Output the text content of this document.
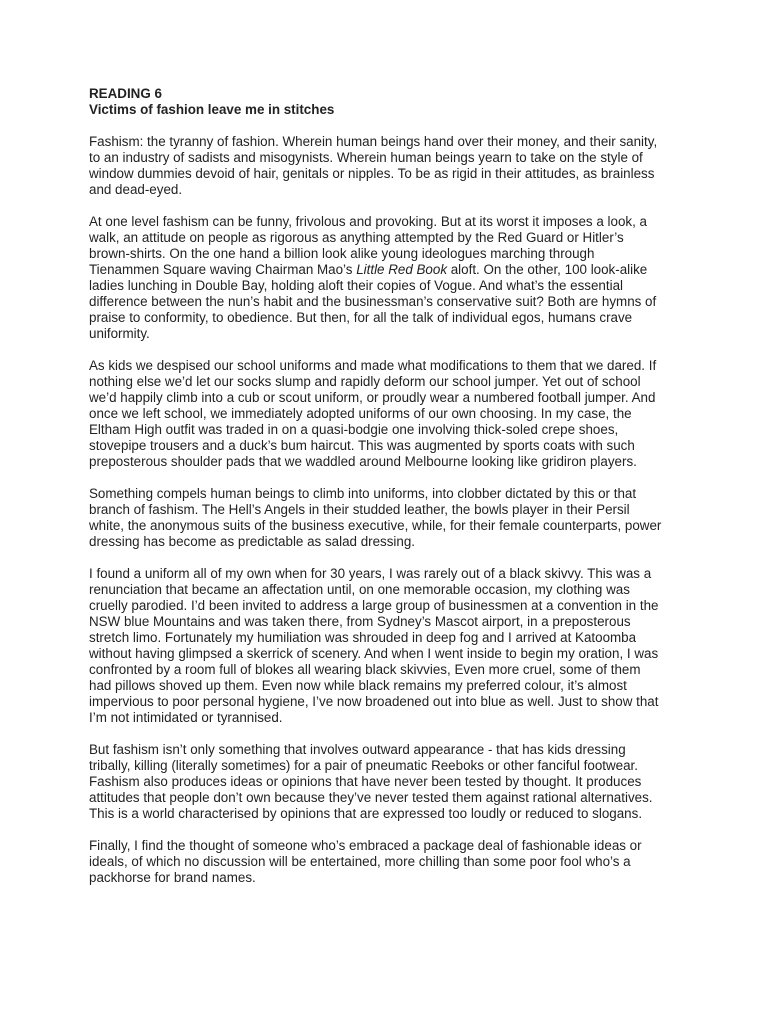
READING 6

Victims of fashion leave me in stitches

Fashism: the tyranny of fashion. Wherein human beings hand over their money, and their sanity, to an industry of sadists and misogynists. Wherein human beings yearn to take on the style of window dummies devoid of hair, genitals or nipples. To be as rigid in their attitudes, as brainless and dead-eyed.

At one level fashism can be funny, frivolous and provoking. But at its worst it imposes a look, a walk, an attitude on people as rigorous as anything attempted by the Red Guard or Hitler’s brown-shirts. On the one hand a billion look alike young ideologues marching through Tienammen Square waving Chairman Mao’s Little Red Book aloft. On the other, 100 look-alike ladies lunching in Double Bay, holding aloft their copies of Vogue. And what’s the essential difference between the nun’s habit and the businessman’s conservative suit? Both are hymns of praise to conformity, to obedience. But then, for all the talk of individual egos, humans crave uniformity.

As kids we despised our school uniforms and made what modifications to them that we dared. If nothing else we’d let our socks slump and rapidly deform our school jumper. Yet out of school we’d happily climb into a cub or scout uniform, or proudly wear a numbered football jumper. And once we left school, we immediately adopted uniforms of our own choosing. In my case, the Eltham High outfit was traded in on a quasi-bodgie one involving thick-soled crepe shoes, stovepipe trousers and a duck’s bum haircut. This was augmented by sports coats with such preposterous shoulder pads that we waddled around Melbourne looking like gridiron players.

Something compels human beings to climb into uniforms, into clobber dictated by this or that branch of fashism. The Hell’s Angels in their studded leather, the bowls player in their Persil white, the anonymous suits of the business executive, while, for their female counterparts, power dressing has become as predictable as salad dressing.

I found a uniform all of my own when for 30 years, I was rarely out of a black skivvy. This was a renunciation that became an affectation until, on one memorable occasion, my clothing was cruelly parodied. I’d been invited to address a large group of businessmen at a convention in the NSW blue Mountains and was taken there, from Sydney’s Mascot airport, in a preposterous stretch limo. Fortunately my humiliation was shrouded in deep fog and I arrived at Katoomba without having glimpsed a skerrick of scenery. And when I went inside to begin my oration, I was confronted by a room full of blokes all wearing black skivvies, Even more cruel, some of them had pillows shoved up them. Even now while black remains my preferred colour, it’s almost impervious to poor personal hygiene, I’ve now broadened out into blue as well. Just to show that I’m not intimidated or tyrannised.

But fashism isn’t only something that involves outward appearance - that has kids dressing tribally, killing (literally sometimes) for a pair of pneumatic Reeboks or other fanciful footwear. Fashism also produces ideas or opinions that have never been tested by thought. It produces attitudes that people don’t own because they’ve never tested them against rational alternatives. This is a world characterised by opinions that are expressed too loudly or reduced to slogans.

Finally, I find the thought of someone who’s embraced a package deal of fashionable ideas or ideals, of which no discussion will be entertained, more chilling than some poor fool who’s a packhorse for brand names.
